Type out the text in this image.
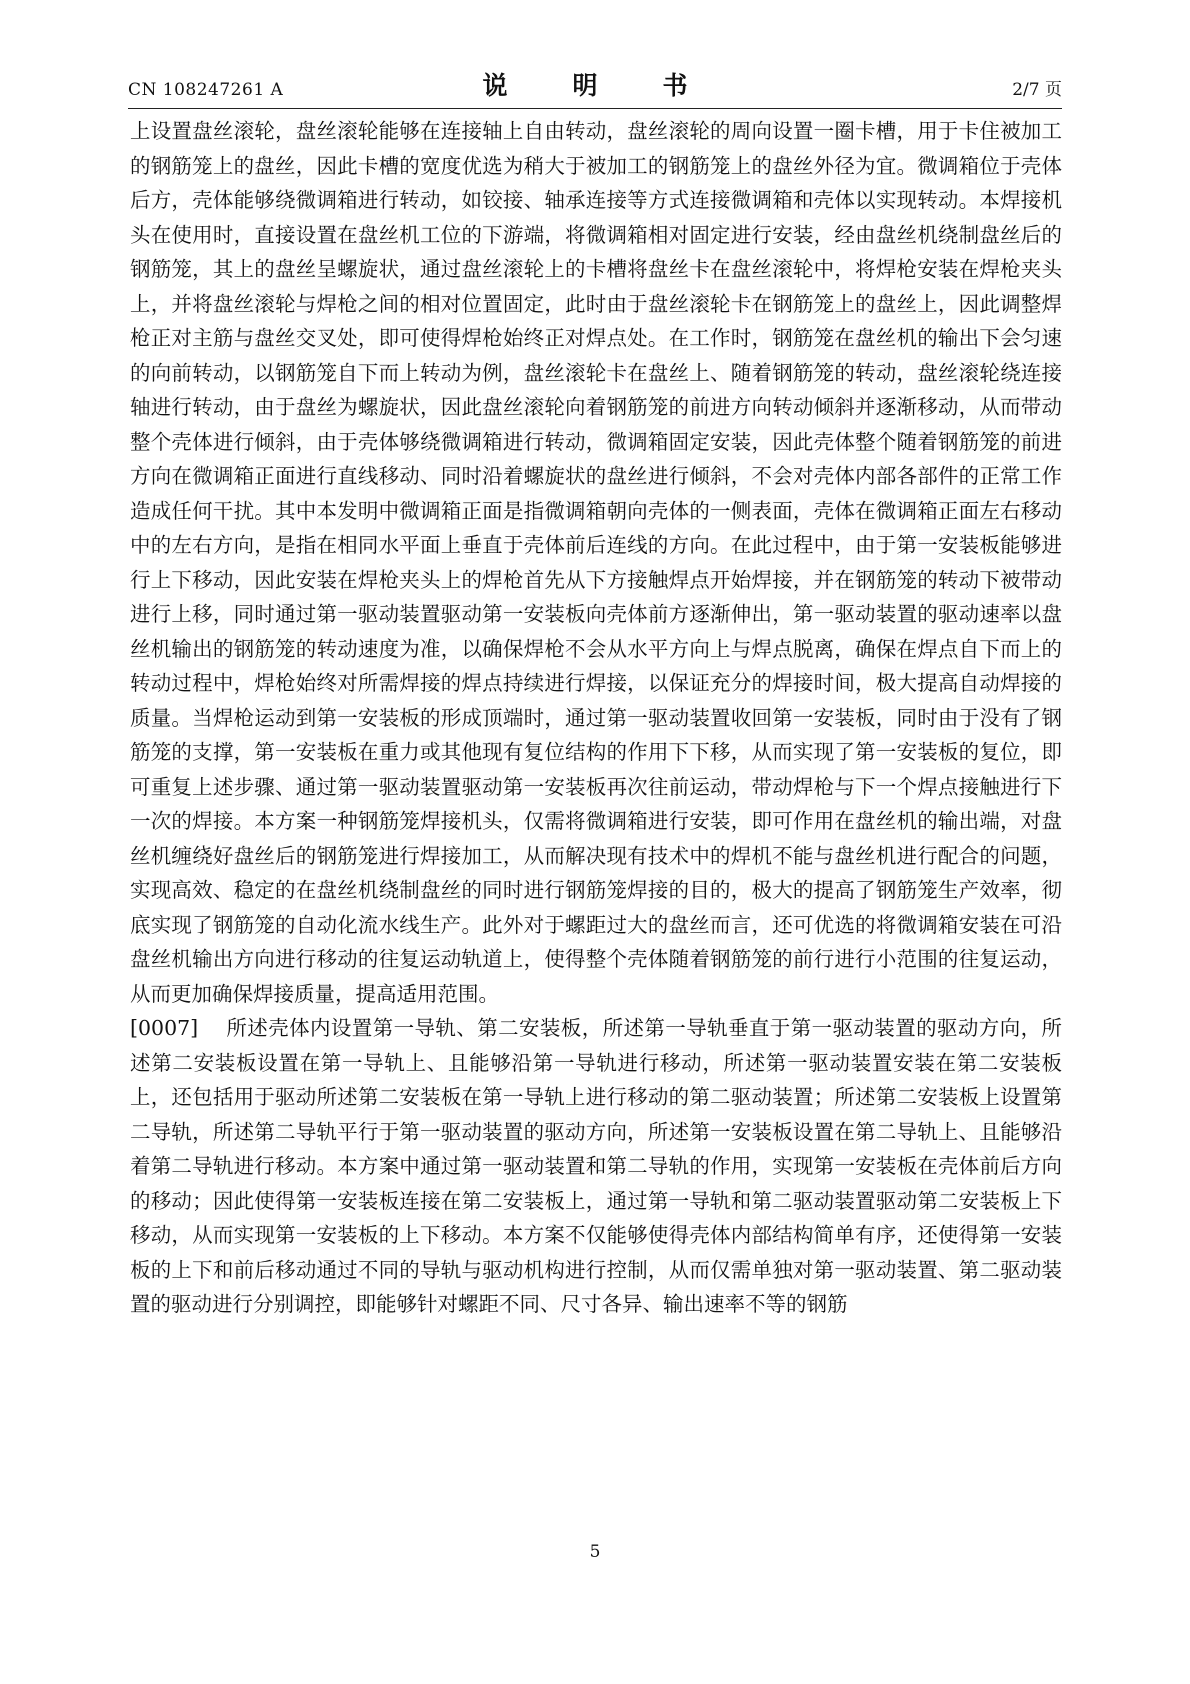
CN 108247261 A	说　明　书	2/7 页

上设置盘丝滚轮，盘丝滚轮能够在连接轴上自由转动，盘丝滚轮的周向设置一圈卡槽，用于卡住被加工的钢筋笼上的盘丝，因此卡槽的宽度优选为稍大于被加工的钢筋笼上的盘丝外径为宜。微调箱位于壳体后方，壳体能够绕微调箱进行转动，如铰接、轴承连接等方式连接微调箱和壳体以实现转动。本焊接机头在使用时，直接设置在盘丝机工位的下游端，将微调箱相对固定进行安装，经由盘丝机绕制盘丝后的钢筋笼，其上的盘丝呈螺旋状，通过盘丝滚轮上的卡槽将盘丝卡在盘丝滚轮中，将焊枪安装在焊枪夹头上，并将盘丝滚轮与焊枪之间的相对位置固定，此时由于盘丝滚轮卡在钢筋笼上的盘丝上，因此调整焊枪正对主筋与盘丝交叉处，即可使得焊枪始终正对焊点处。在工作时，钢筋笼在盘丝机的输出下会匀速的向前转动，以钢筋笼自下而上转动为例，盘丝滚轮卡在盘丝上、随着钢筋笼的转动，盘丝滚轮绕连接轴进行转动，由于盘丝为螺旋状，因此盘丝滚轮向着钢筋笼的前进方向转动倾斜并逐渐移动，从而带动整个壳体进行倾斜，由于壳体够绕微调箱进行转动，微调箱固定安装，因此壳体整个随着钢筋笼的前进方向在微调箱正面进行直线移动、同时沿着螺旋状的盘丝进行倾斜，不会对壳体内部各部件的正常工作造成任何干扰。其中本发明中微调箱正面是指微调箱朝向壳体的一侧表面，壳体在微调箱正面左右移动中的左右方向，是指在相同水平面上垂直于壳体前后连线的方向。在此过程中，由于第一安装板能够进行上下移动，因此安装在焊枪夹头上的焊枪首先从下方接触焊点开始焊接，并在钢筋笼的转动下被带动进行上移，同时通过第一驱动装置驱动第一安装板向壳体前方逐渐伸出，第一驱动装置的驱动速率以盘丝机输出的钢筋笼的转动速度为准，以确保焊枪不会从水平方向上与焊点脱离，确保在焊点自下而上的转动过程中，焊枪始终对所需焊接的焊点持续进行焊接，以保证充分的焊接时间，极大提高自动焊接的质量。当焊枪运动到第一安装板的形成顶端时，通过第一驱动装置收回第一安装板，同时由于没有了钢筋笼的支撑，第一安装板在重力或其他现有复位结构的作用下下移，从而实现了第一安装板的复位，即可重复上述步骤、通过第一驱动装置驱动第一安装板再次往前运动，带动焊枪与下一个焊点接触进行下一次的焊接。本方案一种钢筋笼焊接机头，仅需将微调箱进行安装，即可作用在盘丝机的输出端，对盘丝机缠绕好盘丝后的钢筋笼进行焊接加工，从而解决现有技术中的焊机不能与盘丝机进行配合的问题，实现高效、稳定的在盘丝机绕制盘丝的同时进行钢筋笼焊接的目的，极大的提高了钢筋笼生产效率，彻底实现了钢筋笼的自动化流水线生产。此外对于螺距过大的盘丝而言，还可优选的将微调箱安装在可沿盘丝机输出方向进行移动的往复运动轨道上，使得整个壳体随着钢筋笼的前行进行小范围的往复运动，从而更加确保焊接质量，提高适用范围。

[0007] 所述壳体内设置第一导轨、第二安装板，所述第一导轨垂直于第一驱动装置的驱动方向，所述第二安装板设置在第一导轨上、且能够沿第一导轨进行移动，所述第一驱动装置安装在第二安装板上，还包括用于驱动所述第二安装板在第一导轨上进行移动的第二驱动装置；所述第二安装板上设置第二导轨，所述第二导轨平行于第一驱动装置的驱动方向，所述第一安装板设置在第二导轨上、且能够沿着第二导轨进行移动。本方案中通过第一驱动装置和第二导轨的作用，实现第一安装板在壳体前后方向的移动；因此使得第一安装板连接在第二安装板上，通过第一导轨和第二驱动装置驱动第二安装板上下移动，从而实现第一安装板的上下移动。本方案不仅能够使得壳体内部结构简单有序，还使得第一安装板的上下和前后移动通过不同的导轨与驱动机构进行控制，从而仅需单独对第一驱动装置、第二驱动装置的驱动进行分别调控，即能够针对螺距不同、尺寸各异、输出速率不等的钢筋

5
